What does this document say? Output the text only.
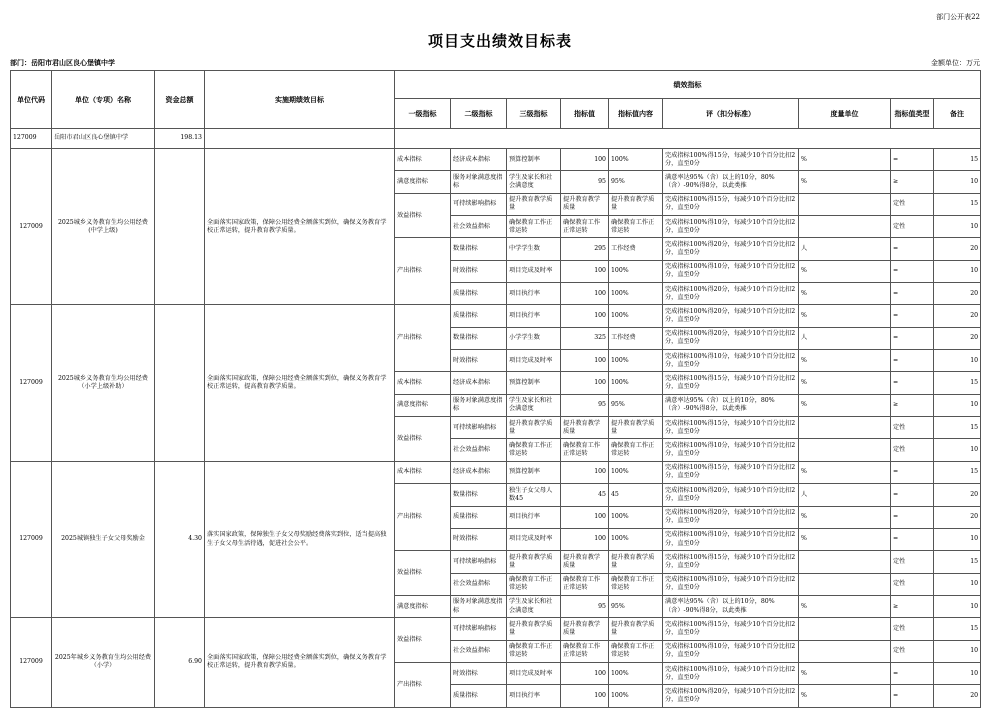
部门公开表22
项目支出绩效目标表
部门：岳阳市君山区良心堡镇中学	金额单位：万元
单位代码	单位（专项）名称	资金总额	实施期绩效目标	绩效指标								
				一级指标	二级指标	三级指标	指标值	指标值内容	评（扣分标准）	度量单位	指标值类型	备注
127009	岳阳市君山区良心堡镇中学	198.13										
127009	2025城乡义务教育生均公用经费(中学上级)		全面落实国家政策，保障公用经费全额落实到位，确保义务教育学校正常运转，提升教育教学质量。	成本指标	经济成本指标	预算控制率	100	100%	完成指标100%得15分，每减少10个百分比扣2分，直至0分	%	=	15
				满意度指标	服务对象满意度指标	学生及家长和社会满意度	95	95%	满意率达95%（含）以上的10分，80%（含）-90%得8分，以此类推	%	≥	10
				效益指标	可持续影响指标	提升教育教学质量	提升教育教学质量	提升教育教学质量	完成指标100%得15分，每减少10个百分比扣2分，直至0分		定性	15
					社会效益指标	确保教育工作正常运转	确保教育工作正常运转	确保教育工作正常运转	完成指标100%得10分，每减少10个百分比扣2分，直至0分		定性	10
				产出指标	数量指标	中学学生数	295	工作经费	完成指标100%得20分，每减少10个百分比扣2分，直至0分	人	=	20
					时效指标	项目完成及时率	100	100%	完成指标100%得10分，每减少10个百分比扣2分，直至0分	%	=	10
					质量指标	项目执行率	100	100%	完成指标100%得20分，每减少10个百分比扣2分，直至0分	%	=	20
127009	2025城乡义务教育生均公用经费（小学上级补助）		全面落实国家政策，保障公用经费全额落实到位，确保义务教育学校正常运转，提高教育教学质量。	产出指标	质量指标	项目执行率	100	100%	完成指标100%得20分，每减少10个百分比扣2分，直至0分	%	=	20
					数量指标	小学学生数	325	工作经费	完成指标100%得20分，每减少10个百分比扣2分，直至0分	人	=	20
					时效指标	项目完成及时率	100	100%	完成指标100%得10分，每减少10个百分比扣2分，直至0分	%	=	10
				成本指标	经济成本指标	预算控制率	100	100%	完成指标100%得15分，每减少10个百分比扣2分，直至0分	%	=	15
				满意度指标	服务对象满意度指标	学生及家长和社会满意度	95	95%	满意率达95%（含）以上的10分，80%（含）-90%得8分，以此类推	%	≥	10
				效益指标	可持续影响指标	提升教育教学质量	提升教育教学质量	提升教育教学质量	完成指标100%得15分，每减少10个百分比扣2分，直至0分		定性	15
					社会效益指标	确保教育工作正常运转	确保教育工作正常运转	确保教育工作正常运转	完成指标100%得10分，每减少10个百分比扣2分，直至0分		定性	10
127009	2025城镇独生子女父母奖励金	4.30	落实国家政策，保障独生子女父母奖励经费落实到位，适当提高独生子女父母生活待遇，促进社会公平。	成本指标	经济成本指标	预算控制率	100	100%	完成指标100%得15分，每减少10个百分比扣2分，直至0分	%	=	15
				产出指标	数量指标	独生子女父母人数45	45	45	完成指标100%得20分，每减少10个百分比扣2分，直至0分	人	=	20
					质量指标	项目执行率	100	100%	完成指标100%得20分，每减少10个百分比扣2分，直至0分	%	=	20
					时效指标	项目完成及时率	100	100%	完成指标100%得10分，每减少10个百分比扣2分，直至0分	%	=	10
				效益指标	可持续影响指标	提升教育教学质量	提升教育教学质量	提升教育教学质量	完成指标100%得15分，每减少10个百分比扣2分，直至0分		定性	15
					社会效益指标	确保教育工作正常运转	确保教育工作正常运转	确保教育工作正常运转	完成指标100%得10分，每减少10个百分比扣2分，直至0分		定性	10
				满意度指标	服务对象满意度指标	学生及家长和社会满意度	95	95%	满意率达95%（含）以上的10分，80%（含）-90%得8分，以此类推	%	≥	10
127009	2025年城乡义务教育生均公用经费（小学）	6.90	全面落实国家政策，保障公用经费全额落实到位，确保义务教育学校正常运转，提升教育教学质量。	效益指标	可持续影响指标	提升教育教学质量	提升教育教学质量	提升教育教学质量	完成指标100%得15分，每减少10个百分比扣2分，直至0分		定性	15
					社会效益指标	确保教育工作正常运转	确保教育工作正常运转	确保教育工作正常运转	完成指标100%得10分，每减少10个百分比扣2分，直至0分		定性	10
				产出指标	时效指标	项目完成及时率	100	100%	完成指标100%得10分，每减少10个百分比扣2分，直至0分	%	=	10
					质量指标	项目执行率	100	100%	完成指标100%得20分，每减少10个百分比扣2分，直至0分	%	=	20
